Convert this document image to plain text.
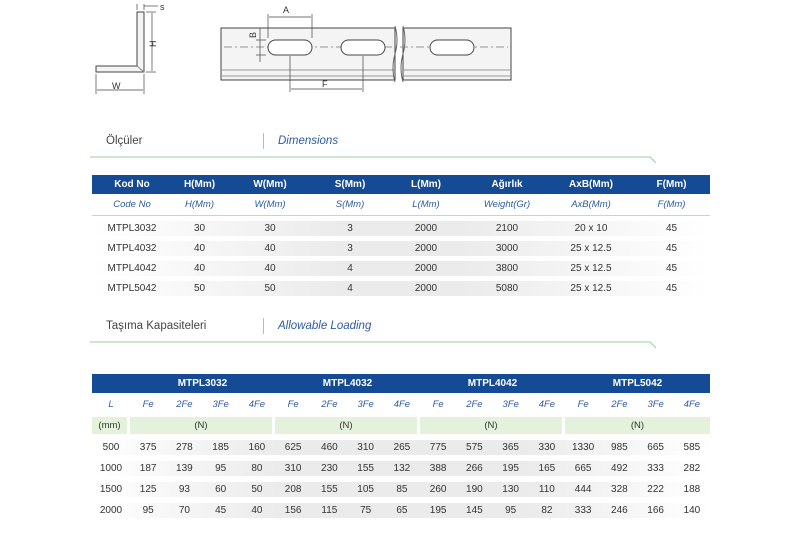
s
H
W
A
B
F
Ölçüler	Dimensions
Kod No	H(Mm)	W(Mm)	S(Mm)	L(Mm)	Ağırlık	AxB(Mm)	F(Mm)
Code No	H(Mm)	W(Mm)	S(Mm)	L(Mm)	Weight(Gr)	AxB(Mm)	F(Mm)
MTPL3032	30	30	3	2000	2100	20 x 10	45
MTPL4032	40	40	3	2000	3000	25 x 12.5	45
MTPL4042	40	40	4	2000	3800	25 x 12.5	45
MTPL5042	50	50	4	2000	5080	25 x 12.5	45
Taşıma Kapasiteleri	Allowable Loading
MTPL3032	MTPL4032	MTPL4042	MTPL5042
L	Fe	2Fe	3Fe	4Fe	Fe	2Fe	3Fe	4Fe	Fe	2Fe	3Fe	4Fe	Fe	2Fe	3Fe	4Fe
(mm)	(N)	(N)	(N)	(N)
500	375	278	185	160	625	460	310	265	775	575	365	330	1330	985	665	585
1000	187	139	95	80	310	230	155	132	388	266	195	165	665	492	333	282
1500	125	93	60	50	208	155	105	85	260	190	130	110	444	328	222	188
2000	95	70	45	40	156	115	75	65	195	145	95	82	333	246	166	140
